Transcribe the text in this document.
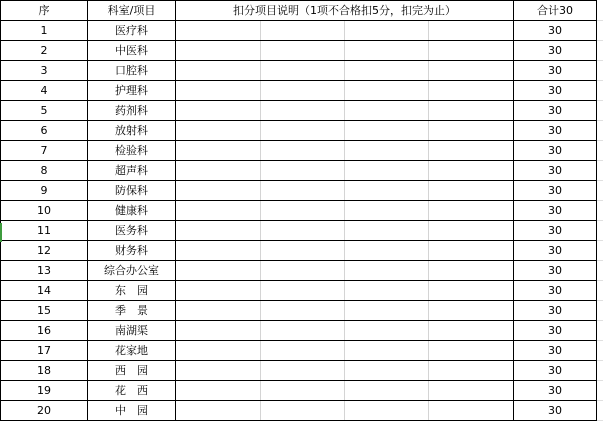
序	科室/项目	扣分项目说明（1项不合格扣5分，扣完为止）				合计30	
1	医疗科					30	
2	中医科					30	
3	口腔科					30	
4	护理科					30	
5	药剂科					30	
6	放射科					30	
7	检验科					30	
8	超声科					30	
9	防保科					30	
10	健康科					30	
11	医务科					30	
12	财务科					30	
13	综合办公室					30	
14	东　园					30	
15	季　景					30	
16	南湖渠					30	
17	花家地					30	
18	西　园					30	
19	花　西					30	
20	中　园					30	
